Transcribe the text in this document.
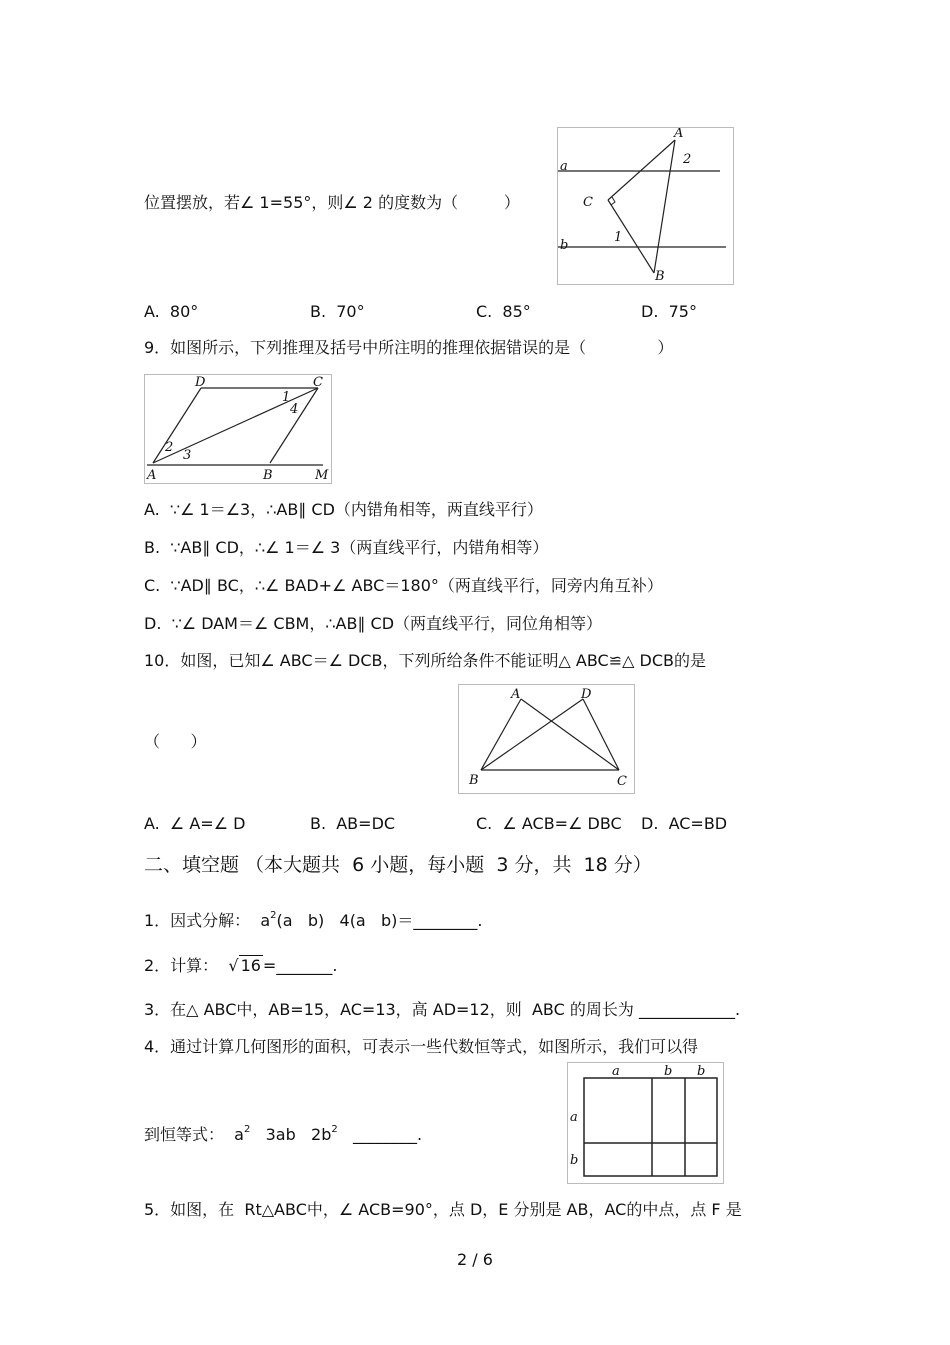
位置摆放，若∠ 1=55°，则∠ 2 的度数为（         ）
A
a	2
C
b
1
B
A.  80°	B.  70°	C.  85°	D.  75°
9．如图所示，下列推理及括号中所注明的推理依据错误的是（              ）
D	C
1
4
2
3
A	B	M
A.  ∵∠ 1＝∠3，∴AB∥ CD（内错角相等，两直线平行）
B.  ∵AB∥ CD，∴∠ 1＝∠ 3（两直线平行，内错角相等）
C.  ∵AD∥ BC，∴∠ BAD+∠ ABC＝180°（两直线平行，同旁内角互补）
D.  ∵∠ DAM＝∠ CBM，∴AB∥ CD（两直线平行，同位角相等）
10．如图，已知∠ ABC＝∠ DCB，下列所给条件不能证明△ ABC≌△ DCB的是
（      ）
A	D
B	C
A.  ∠ A=∠ D	B.  AB=DC	C.  ∠ ACB=∠ DBC D.  AC=BD
二、填空题 （本大题共  6 小题，每小题  3 分，共  18 分）
1．因式分解：  $a^2(a$   b)   4(a   b)＝________.
2．计算：  √ 16 =_______.
3．在△ ABC中，AB=15，AC=13，高 AD=12，则  ABC 的周长为 ____________.
4．通过计算几何图形的面积，可表示一些代数恒等式，如图所示，我们可以得
到恒等式：  $a^2$   3ab   $2b^2$   ________.
a	b b
a
b
5．如图，在  Rt△ABC中，∠ ACB=90°，点 D，E 分别是 AB，AC的中点，点 F 是
2 / 6
